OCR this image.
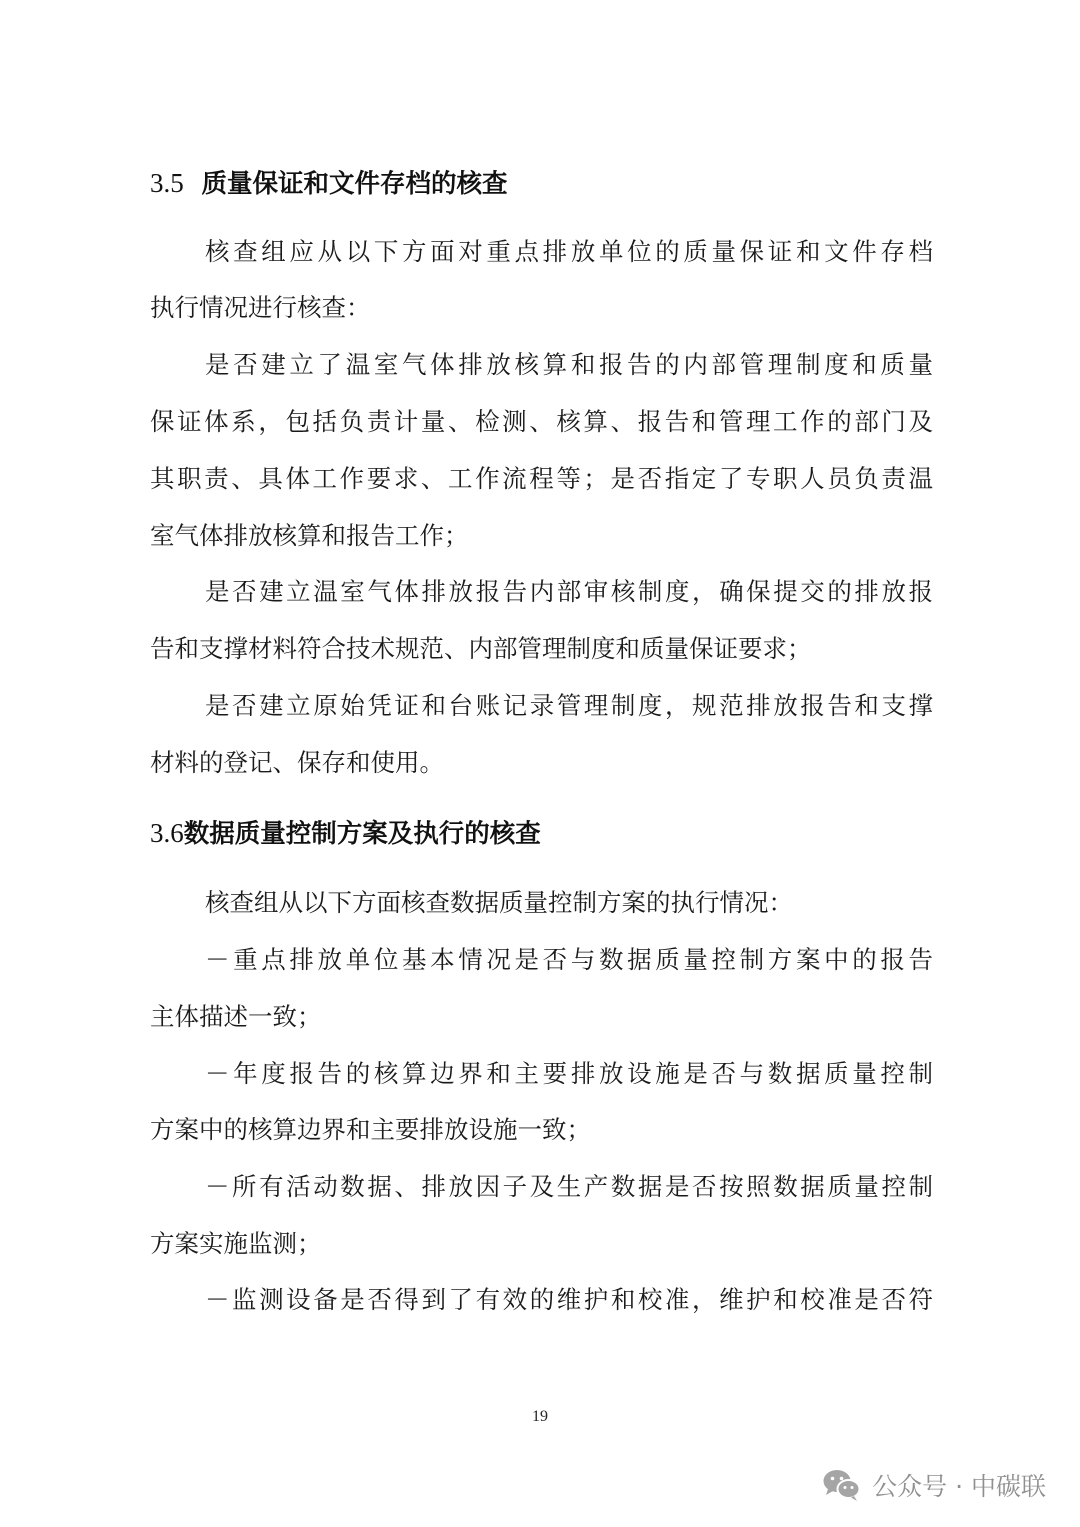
3.5 质量保证和文件存档的核查

核查组应从以下方面对重点排放单位的质量保证和文件存档

执行情况进行核查：

是否建立了温室气体排放核算和报告的内部管理制度和质量

保证体系，包括负责计量、检测、核算、报告和管理工作的部门及

其职责、具体工作要求、工作流程等；是否指定了专职人员负责温

室气体排放核算和报告工作；

是否建立温室气体排放报告内部审核制度，确保提交的排放报

告和支撑材料符合技术规范、内部管理制度和质量保证要求；

是否建立原始凭证和台账记录管理制度，规范排放报告和支撑

材料的登记、保存和使用。

3.6数据质量控制方案及执行的核查

核查组从以下方面核查数据质量控制方案的执行情况：

－重点排放单位基本情况是否与数据质量控制方案中的报告

主体描述一致；

－年度报告的核算边界和主要排放设施是否与数据质量控制

方案中的核算边界和主要排放设施一致；

－所有活动数据、排放因子及生产数据是否按照数据质量控制

方案实施监测；

－监测设备是否得到了有效的维护和校准，维护和校准是否符

19
公众号 · 中碳联
